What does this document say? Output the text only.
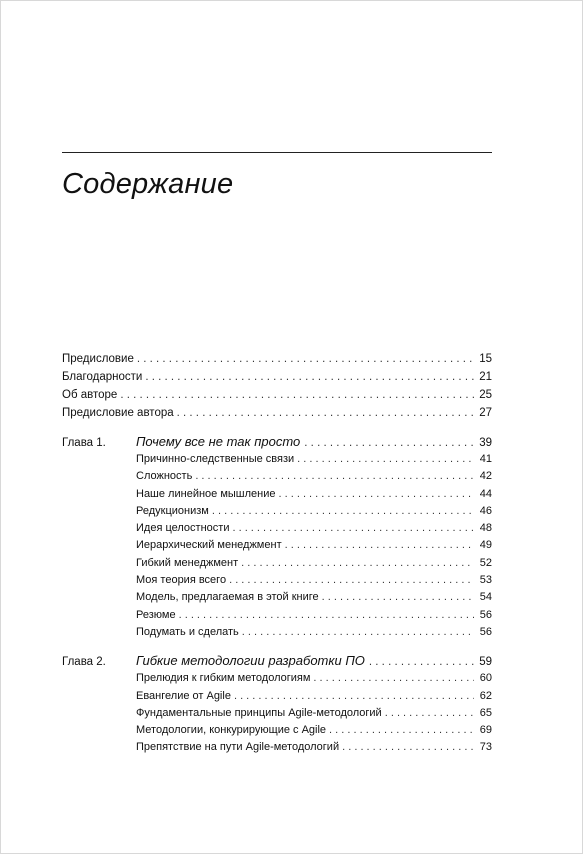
Содержание
Предисловие . . .	15
Благодарности . . .	21
Об авторе . . .	25
Предисловие автора . . .	27
Глава 1.	Почему все не так просто . . .	39
Причинно-следственные связи . . .	41
Сложность . . .	42
Наше линейное мышление . . .	44
Редукционизм . . .	46
Идея целостности . . .	48
Иерархический менеджмент . . .	49
Гибкий менеджмент . . .	52
Моя теория всего . . .	53
Модель, предлагаемая в этой книге . . .	54
Резюме . . .	56
Подумать и сделать . . .	56
Глава 2.	Гибкие методологии разработки ПО . . .	59
Прелюдия к гибким методологиям . . .	60
Евангелие от Agile . . .	62
Фундаментальные принципы Agile-методологий . . .	65
Методологии, конкурирующие с Agile . . .	69
Препятствие на пути Agile-методологий . . .	73
